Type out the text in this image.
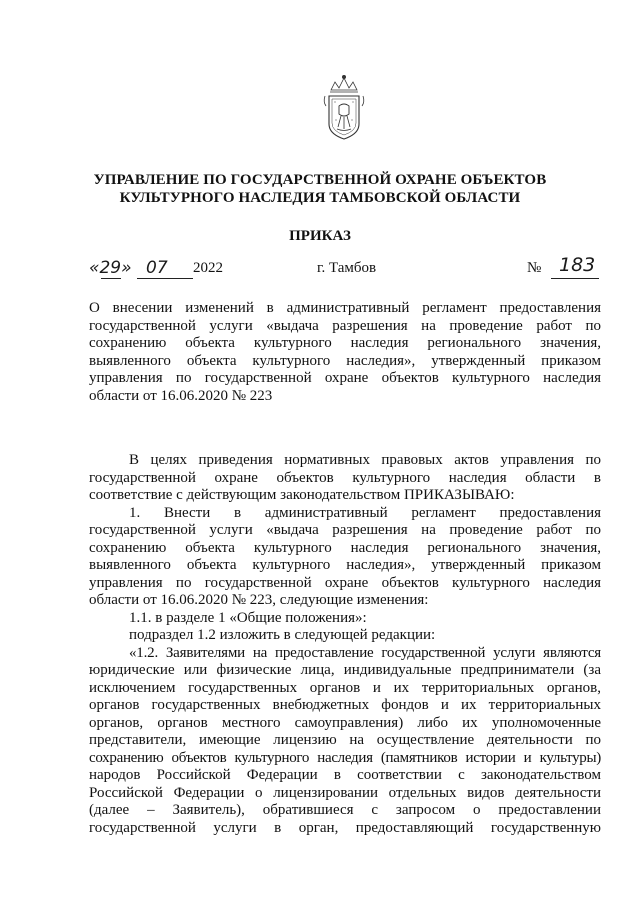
УПРАВЛЕНИЕ ПО ГОСУДАРСТВЕННОЙ ОХРАНЕ ОБЪЕКТОВ
КУЛЬТУРНОГО НАСЛЕДИЯ ТАМБОВСКОЙ ОБЛАСТИ
ПРИКАЗ
«29» 07 2022	г. Тамбов	№ 183
О внесении изменений в административный регламент предоставления
государственной услуги «выдача разрешения на проведение работ по
сохранению объекта культурного наследия регионального значения,
выявленного объекта культурного наследия», утвержденный приказом
управления по государственной охране объектов культурного наследия
области от 16.06.2020 № 223
В целях приведения нормативных правовых актов управления по
государственной охране объектов культурного наследия области в
соответствие с действующим законодательством ПРИКАЗЫВАЮ:
1. Внести в административный регламент предоставления
государственной услуги «выдача разрешения на проведение работ по
сохранению объекта культурного наследия регионального значения,
выявленного объекта культурного наследия», утвержденный приказом
управления по государственной охране объектов культурного наследия
области от 16.06.2020 № 223, следующие изменения:
1.1. в разделе 1 «Общие положения»:
подраздел 1.2 изложить в следующей редакции:
«1.2. Заявителями на предоставление государственной услуги являются
юридические или физические лица, индивидуальные предприниматели (за
исключением государственных органов и их территориальных органов,
органов государственных внебюджетных фондов и их территориальных
органов, органов местного самоуправления) либо их уполномоченные
представители, имеющие лицензию на осуществление деятельности по
сохранению объектов культурного наследия (памятников истории и культуры)
народов Российской Федерации в соответствии с законодательством
Российской Федерации о лицензировании отдельных видов деятельности
(далее – Заявитель), обратившиеся с запросом о предоставлении
государственной услуги в орган, предоставляющий государственную
